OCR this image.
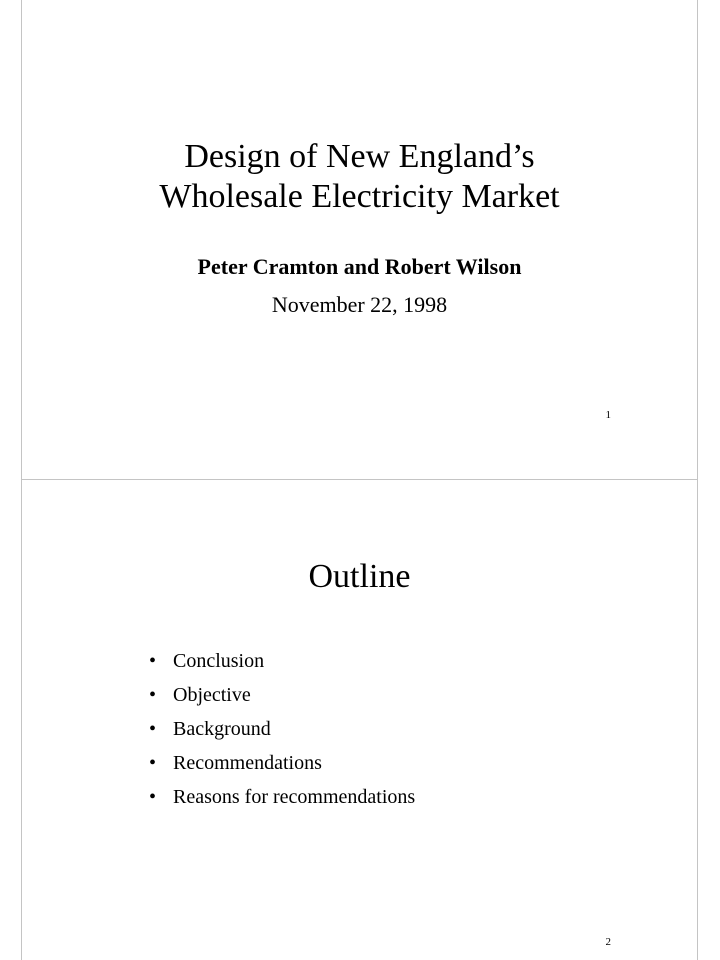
Design of New England’s
Wholesale Electricity Market
Peter Cramton and Robert Wilson
November 22, 1998
1
Outline
• Conclusion
• Objective
• Background
• Recommendations
• Reasons for recommendations
2
